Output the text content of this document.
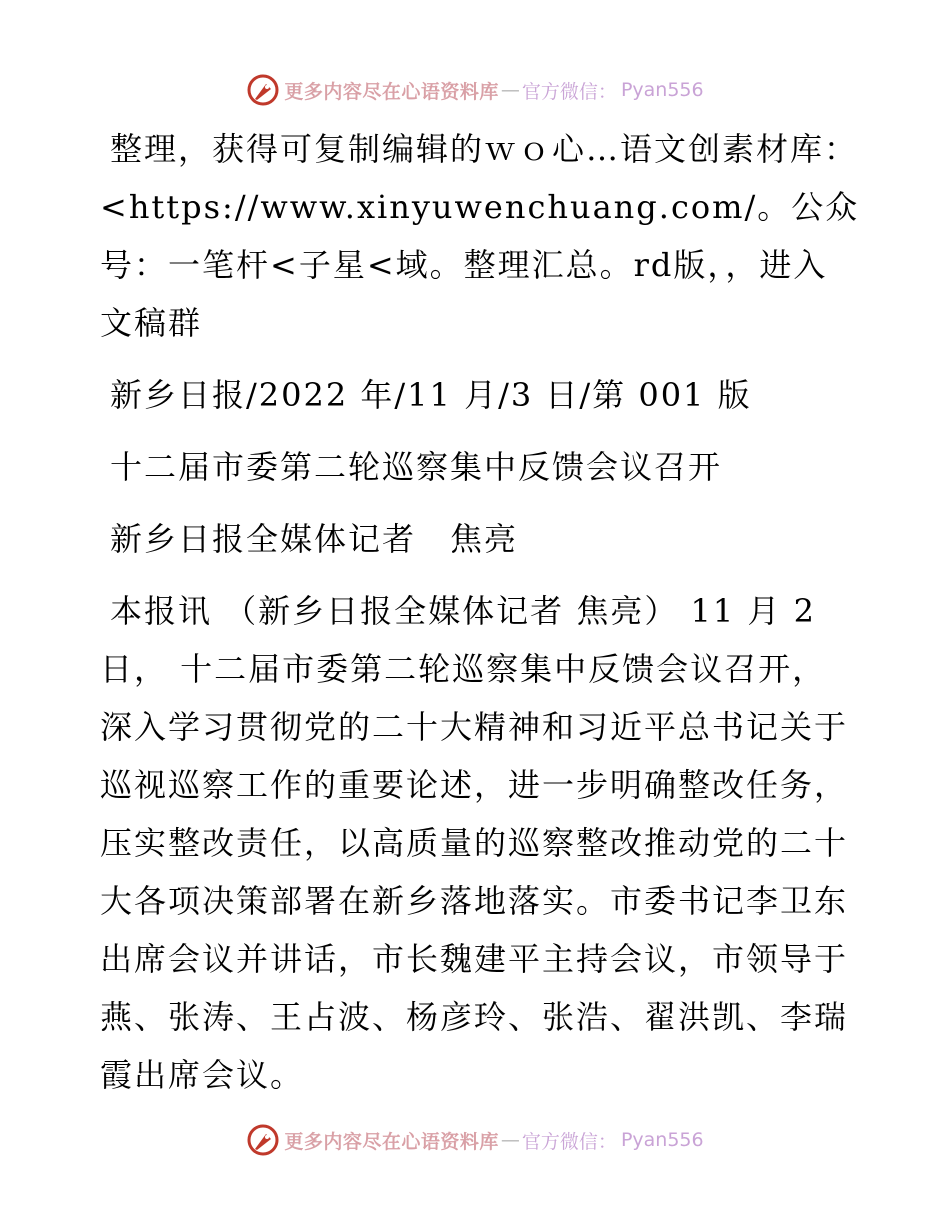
更多内容尽在心语资料库 — 官方微信： Pyan556

整理，获得可复制编辑的ｗｏ心…语文创素材库：<https://www.xinyuwenchuang.com/。公众号：一笔杆<子星<域。整理汇总。rd版，，进入文稿群

新乡日报/2022 年/11 月/3 日/第 001 版

十二届市委第二轮巡察集中反馈会议召开

新乡日报全媒体记者　焦亮

本报讯 （新乡日报全媒体记者 焦亮） 11 月 2 日， 十二届市委第二轮巡察集中反馈会议召开，深入学习贯彻党的二十大精神和习近平总书记关于巡视巡察工作的重要论述，进一步明确整改任务，压实整改责任，以高质量的巡察整改推动党的二十大各项决策部署在新乡落地落实。市委书记李卫东出席会议并讲话，市长魏建平主持会议，市领导于燕、张涛、王占波、杨彦玲、张浩、翟洪凯、李瑞霞出席会议。

更多内容尽在心语资料库 — 官方微信： Pyan556
